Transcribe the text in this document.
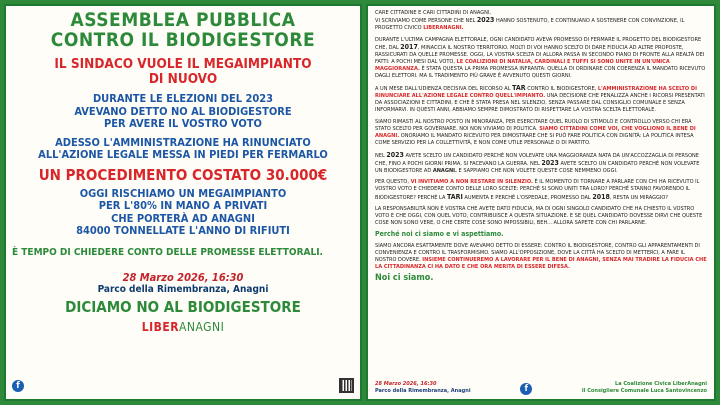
ASSEMBLEA PUBBLICA
CONTRO IL BIODIGESTORE
IL SINDACO VUOLE IL MEGAIMPIANTO
DI NUOVO
DURANTE LE ELEZIONI DEL 2023
AVEVANO DETTO NO AL BIODIGESTORE
PER AVERE IL VOSTRO VOTO
ADESSO L'AMMINISTRAZIONE HA RINUNCIATO
ALL'AZIONE LEGALE MESSA IN PIEDI PER FERMARLO
UN PROCEDIMENTO COSTATO 30.000€
OGGI RISCHIAMO UN MEGAIMPIANTO
PER L'80% IN MANO A PRIVATI
CHE PORTERÀ AD ANAGNI
84000 TONNELLATE L'ANNO DI RIFIUTI
È TEMPO DI CHIEDERE CONTO DELLE PROMESSE ELETTORALI.
28 Marzo 2026, 16:30
Parco della Rimembranza, Anagni
DICIAMO NO AL BIODIGESTORE
LIBERANAGNI
f

CARE CITTADINE E CARI CITTADINI DI ANAGNI,
VI SCRIVIAMO COME PERSONE CHE NEL 2023 HANNO SOSTENUTO, E CONTINUANO A SOSTENERE CON CONVINZIONE, IL PROGETTO CIVICO LIBERANAGNI.

DURANTE L'ULTIMA CAMPAGNA ELETTORALE, OGNI CANDIDATO AVEVA PROMESSO DI FERMARE IL PROGETTO DEL BIODIGESTORE CHE, DAL 2017, MINACCIA IL NOSTRO TERRITORIO. MOLTI DI VOI HANNO SCELTO DI DARE FIDUCIA AD ALTRE PROPOSTE, RASSICURATI DA QUELLE PROMESSE. OGGI, LA VOSTRA SCELTA DI ALLORA PASSA IN SECONDO PIANO DI FRONTE ALLA REALTÀ DEI FATTI: A POCHI MESI DAL VOTO, LE COALIZIONI DI NATALIA, CARDINALI E TUFFI SI SONO UNITE IN UN'UNICA MAGGIORANZA. È STATA QUESTA LA PRIMA PROMESSA INFRANTA: QUELLA DI ORDINARE CON COERENZA IL MANDATO RICEVUTO DAGLI ELETTORI. MA IL TRADIMENTO PIÙ GRAVE È AVVENUTO QUESTI GIORNI.

A UN MESE DALL'UDIENZA DECISIVA DEL RICORSO AL TAR CONTRO IL BIODIGESTORE, L'AMMINISTRAZIONE HA SCELTO DI RINUNCIARE ALL'AZIONE LEGALE CONTRO QUELL'IMPIANTO. UNA DECISIONE CHE PENALIZZA ANCHE I RICORSI PRESENTATI DA ASSOCIAZIONI E CITTADINI, E CHE È STATA PRESA NEL SILENZIO, SENZA PASSARE DAL CONSIGLIO COMUNALE E SENZA INFORMARVI. IN QUESTI ANNI, ABBIAMO SEMPRE DIMOSTRATO DI RISPETTARE LA VOSTRA SCELTA ELETTORALE.

SIAMO RIMASTI AL NOSTRO POSTO IN MINORANZA, PER ESERCITARE QUEL RUOLO DI STIMOLO E CONTROLLO VERSO CHI ERA STATO SCELTO PER GOVERNARE. NOI NON VIVIAMO DI POLITICA. SIAMO CITTADINI COME VOI, CHE VOGLIONO IL BENE DI ANAGNI. ONORIAMO IL MANDATO RICEVUTO PER DIMOSTRARE CHE SI PUÒ FARE POLITICA CON DIGNITÀ: LA POLITICA INTESA COME SERVIZIO PER LA COLLETTIVITÀ, E NON COME UTILE PERSONALE O DI PARTITO.

NEL 2023 AVETE SCELTO UN CANDIDATO PERCHÉ NON VOLEVATE UNA MAGGIORANZA NATA DA UN'ACCOZZAGLIA DI PERSONE CHE, FINO A POCHI GIORNI PRIMA, SI FACEVANO LA GUERRA. NEL 2023 AVETE SCELTO UN CANDIDATO PERCHÉ NON VOLEVATE UN BIODIGESTORE AD ANAGNI. E SAPPIAMO CHE NON VOLETE QUESTE COSE NEMMENO OGGI.

PER QUESTO, VI INVITIAMO A NON RESTARE IN SILENZIO. È IL MOMENTO DI TORNARE A PARLARE CON CHI HA RICEVUTO IL VOSTRO VOTO E CHIEDERE CONTO DELLE LORO SCELTE: PERCHÉ SI SONO UNITI TRA LORO? PERCHÉ STANNO FAVORENDO IL BIODIGESTORE? PERCHÉ LA TARI AUMENTA E PERCHÉ L'OSPEDALE, PROMESSO DAL 2018, RESTA UN MIRAGGIO?

LA RESPONSABILITÀ NON È VOSTRA CHE AVETE DATO FIDUCIA, MA DI OGNI SINGOLO CANDIDATO CHE HA CHIESTO IL VOSTRO VOTO E CHE OGGI, CON QUEL VOTO, CONTRIBUISCE A QUESTA SITUAZIONE. E SE QUEL CANDIDATO DOVESSE DIRVI CHE QUESTE COSE NON SONO VERE, O CHE CERTE COSE SONO IMPOSSIBILI, BEH... ALLORA SAPETE CON CHI PARLARNE.

Perché noi ci siamo e vi aspettiamo.

SIAMO ANCORA ESATTAMENTE DOVE AVEVAMO DETTO DI ESSERE: CONTRO IL BIODIGESTORE, CONTRO GLI APPARENTAMENTI DI CONVENIENZA E CONTRO IL TRASFORMISMO. SIAMO ALL'OPPOSIZIONE, DOVE LA CITTÀ HA SCELTO DI METTERCI, A FARE IL NOSTRO DOVERE. INSIEME CONTINUEREMO A LAVORARE PER IL BENE DI ANAGNI, SENZA MAI TRADIRE LA FIDUCIA CHE LA CITTADINANZA CI HA DATO E CHE ORA MERITA DI ESSERE DIFESA.

Noi ci siamo.

28 Marzo 2026, 16:30
Parco della Rimembranza, Anagni	f	La Coalizione Civica LiberAnagni
Il Consigliere Comunale Luca Santovincenzo
